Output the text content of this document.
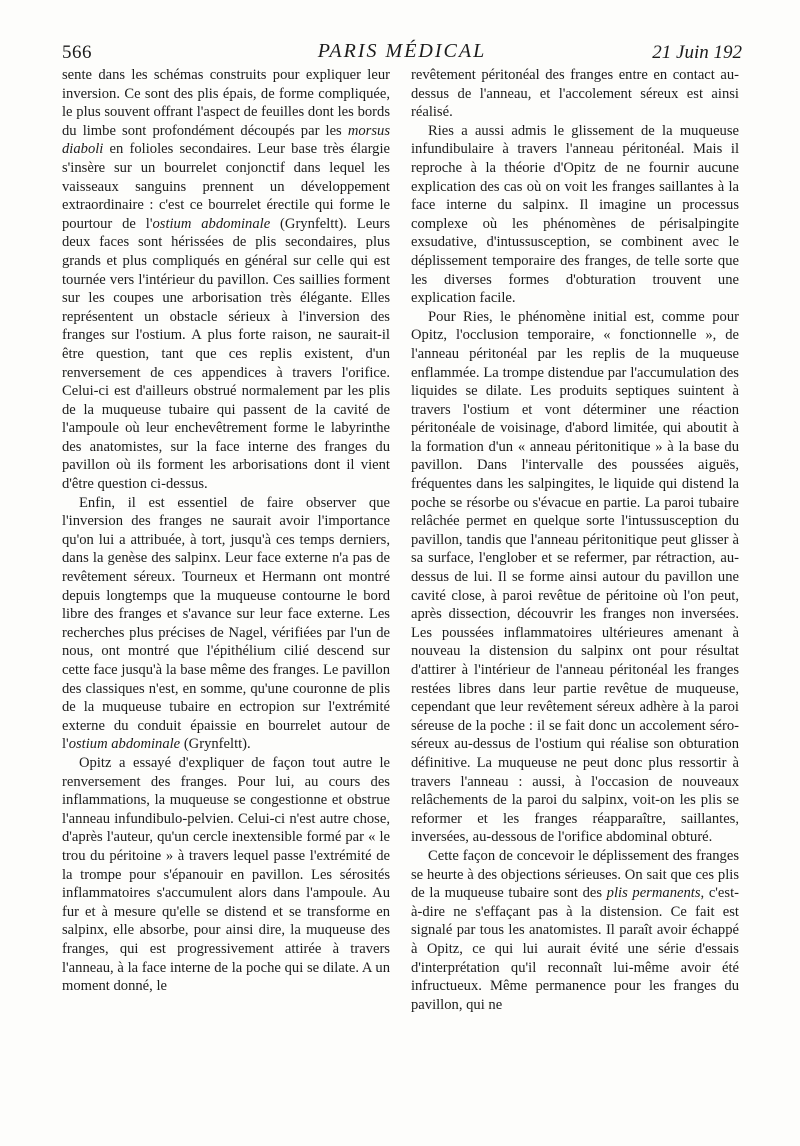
566	PARIS MÉDICAL	21 Juin 192

sente dans les schémas construits pour expliquer leur inversion. Ce sont des plis épais, de forme compliquée, le plus souvent offrant l'aspect de feuilles dont les bords du limbe sont profondément découpés par les morsus diaboli en folioles secondaires. Leur base très élargie s'insère sur un bourrelet conjonctif dans lequel les vaisseaux sanguins prennent un développement extraordinaire : c'est ce bourrelet érectile qui forme le pourtour de l'ostium abdominale (Grynfeltt). Leurs deux faces sont hérissées de plis secondaires, plus grands et plus compliqués en général sur celle qui est tournée vers l'intérieur du pavillon. Ces saillies forment sur les coupes une arborisation très élégante. Elles représentent un obstacle sérieux à l'inversion des franges sur l'ostium. A plus forte raison, ne saurait-il être question, tant que ces replis existent, d'un renversement de ces appendices à travers l'orifice. Celui-ci est d'ailleurs obstrué normalement par les plis de la muqueuse tubaire qui passent de la cavité de l'ampoule où leur enchevêtrement forme le labyrinthe des anatomistes, sur la face interne des franges du pavillon où ils forment les arborisations dont il vient d'être question ci-dessus.

Enfin, il est essentiel de faire observer que l'inversion des franges ne saurait avoir l'importance qu'on lui a attribuée, à tort, jusqu'à ces temps derniers, dans la genèse des salpinx. Leur face externe n'a pas de revêtement séreux. Tourneux et Hermann ont montré depuis longtemps que la muqueuse contourne le bord libre des franges et s'avance sur leur face externe. Les recherches plus précises de Nagel, vérifiées par l'un de nous, ont montré que l'épithélium cilié descend sur cette face jusqu'à la base même des franges. Le pavillon des classiques n'est, en somme, qu'une couronne de plis de la muqueuse tubaire en ectropion sur l'extrémité externe du conduit épaissie en bourrelet autour de l'ostium abdominale (Grynfeltt).

Opitz a essayé d'expliquer de façon tout autre le renversement des franges. Pour lui, au cours des inflammations, la muqueuse se congestionne et obstrue l'anneau infundibulo-pelvien. Celui-ci n'est autre chose, d'après l'auteur, qu'un cercle inextensible formé par « le trou du péritoine » à travers lequel passe l'extrémité de la trompe pour s'épanouir en pavillon. Les sérosités inflammatoires s'accumulent alors dans l'ampoule. Au fur et à mesure qu'elle se distend et se transforme en salpinx, elle absorbe, pour ainsi dire, la muqueuse des franges, qui est progressivement attirée à travers l'anneau, à la face interne de la poche qui se dilate. A un moment donné, le

revêtement péritonéal des franges entre en contact au-dessus de l'anneau, et l'accolement séreux est ainsi réalisé.

Ries a aussi admis le glissement de la muqueuse infundibulaire à travers l'anneau péritonéal. Mais il reproche à la théorie d'Opitz de ne fournir aucune explication des cas où on voit les franges saillantes à la face interne du salpinx. Il imagine un processus complexe où les phénomènes de périsalpingite exsudative, d'intussusception, se combinent avec le déplissement temporaire des franges, de telle sorte que les diverses formes d'obturation trouvent une explication facile.

Pour Ries, le phénomène initial est, comme pour Opitz, l'occlusion temporaire, « fonctionnelle », de l'anneau péritonéal par les replis de la muqueuse enflammée. La trompe distendue par l'accumulation des liquides se dilate. Les produits septiques suintent à travers l'ostium et vont déterminer une réaction péritonéale de voisinage, d'abord limitée, qui aboutit à la formation d'un « anneau péritonitique » à la base du pavillon. Dans l'intervalle des poussées aiguës, fréquentes dans les salpingites, le liquide qui distend la poche se résorbe ou s'évacue en partie. La paroi tubaire relâchée permet en quelque sorte l'intussusception du pavillon, tandis que l'anneau péritonitique peut glisser à sa surface, l'englober et se refermer, par rétraction, au-dessus de lui. Il se forme ainsi autour du pavillon une cavité close, à paroi revêtue de péritoine où l'on peut, après dissection, découvrir les franges non inversées. Les poussées inflammatoires ultérieures amenant à nouveau la distension du salpinx ont pour résultat d'attirer à l'intérieur de l'anneau péritonéal les franges restées libres dans leur partie revêtue de muqueuse, cependant que leur revêtement séreux adhère à la paroi séreuse de la poche : il se fait donc un accolement séro-séreux au-dessus de l'ostium qui réalise son obturation définitive. La muqueuse ne peut donc plus ressortir à travers l'anneau : aussi, à l'occasion de nouveaux relâchements de la paroi du salpinx, voit-on les plis se reformer et les franges réapparaître, saillantes, inversées, au-dessous de l'orifice abdominal obturé.

Cette façon de concevoir le déplissement des franges se heurte à des objections sérieuses. On sait que ces plis de la muqueuse tubaire sont des plis permanents, c'est-à-dire ne s'effaçant pas à la distension. Ce fait est signalé par tous les anatomistes. Il paraît avoir échappé à Opitz, ce qui lui aurait évité une série d'essais d'interprétation qu'il reconnaît lui-même avoir été infructueux. Même permanence pour les franges du pavillon, qui ne
